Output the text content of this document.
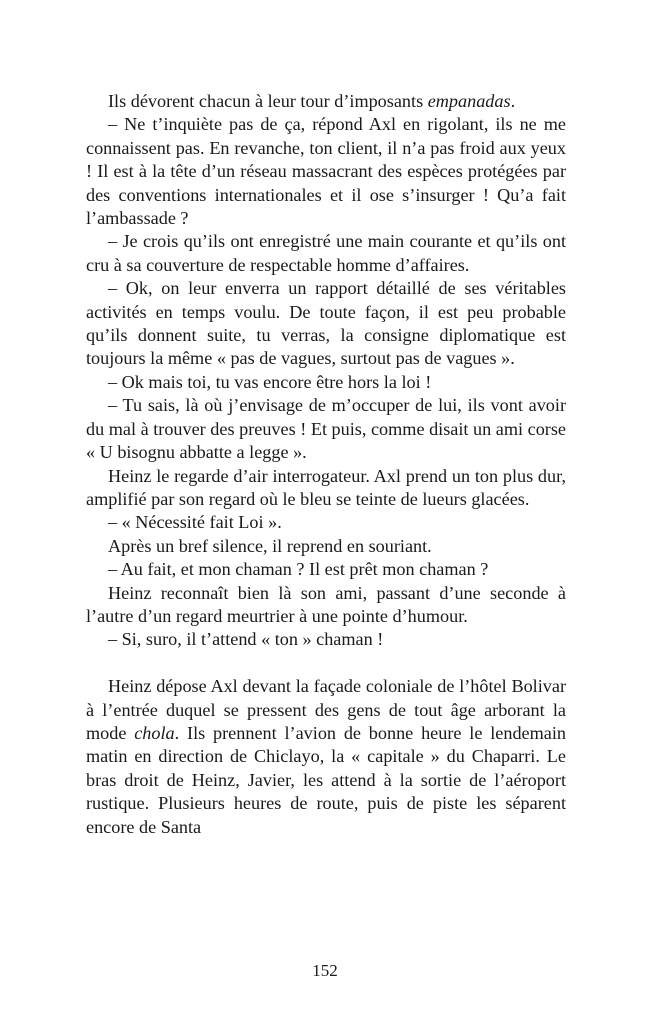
Ils dévorent chacun à leur tour d’imposants empanadas.

– Ne t’inquiète pas de ça, répond Axl en rigolant, ils ne me connaissent pas. En revanche, ton client, il n’a pas froid aux yeux ! Il est à la tête d’un réseau massacrant des espèces protégées par des conventions internationales et il ose s’insurger ! Qu’a fait l’ambassade ?

– Je crois qu’ils ont enregistré une main courante et qu’ils ont cru à sa couverture de respectable homme d’affaires.

– Ok, on leur enverra un rapport détaillé de ses véritables activités en temps voulu. De toute façon, il est peu probable qu’ils donnent suite, tu verras, la consigne diplomatique est toujours la même « pas de vagues, surtout pas de vagues ».

– Ok mais toi, tu vas encore être hors la loi !

– Tu sais, là où j’envisage de m’occuper de lui, ils vont avoir du mal à trouver des preuves ! Et puis, comme disait un ami corse « U bisognu abbatte a legge ».

Heinz le regarde d’air interrogateur. Axl prend un ton plus dur, amplifié par son regard où le bleu se teinte de lueurs glacées.

– « Nécessité fait Loi ».

Après un bref silence, il reprend en souriant.

– Au fait, et mon chaman ? Il est prêt mon chaman ?

Heinz reconnaît bien là son ami, passant d’une seconde à l’autre d’un regard meurtrier à une pointe d’humour.

– Si, suro, il t’attend « ton » chaman !

Heinz dépose Axl devant la façade coloniale de l’hôtel Bolivar à l’entrée duquel se pressent des gens de tout âge arborant la mode chola. Ils prennent l’avion de bonne heure le lendemain matin en direction de Chiclayo, la « capitale » du Chaparri. Le bras droit de Heinz, Javier, les attend à la sortie de l’aéroport rustique. Plusieurs heures de route, puis de piste les séparent encore de Santa

152
